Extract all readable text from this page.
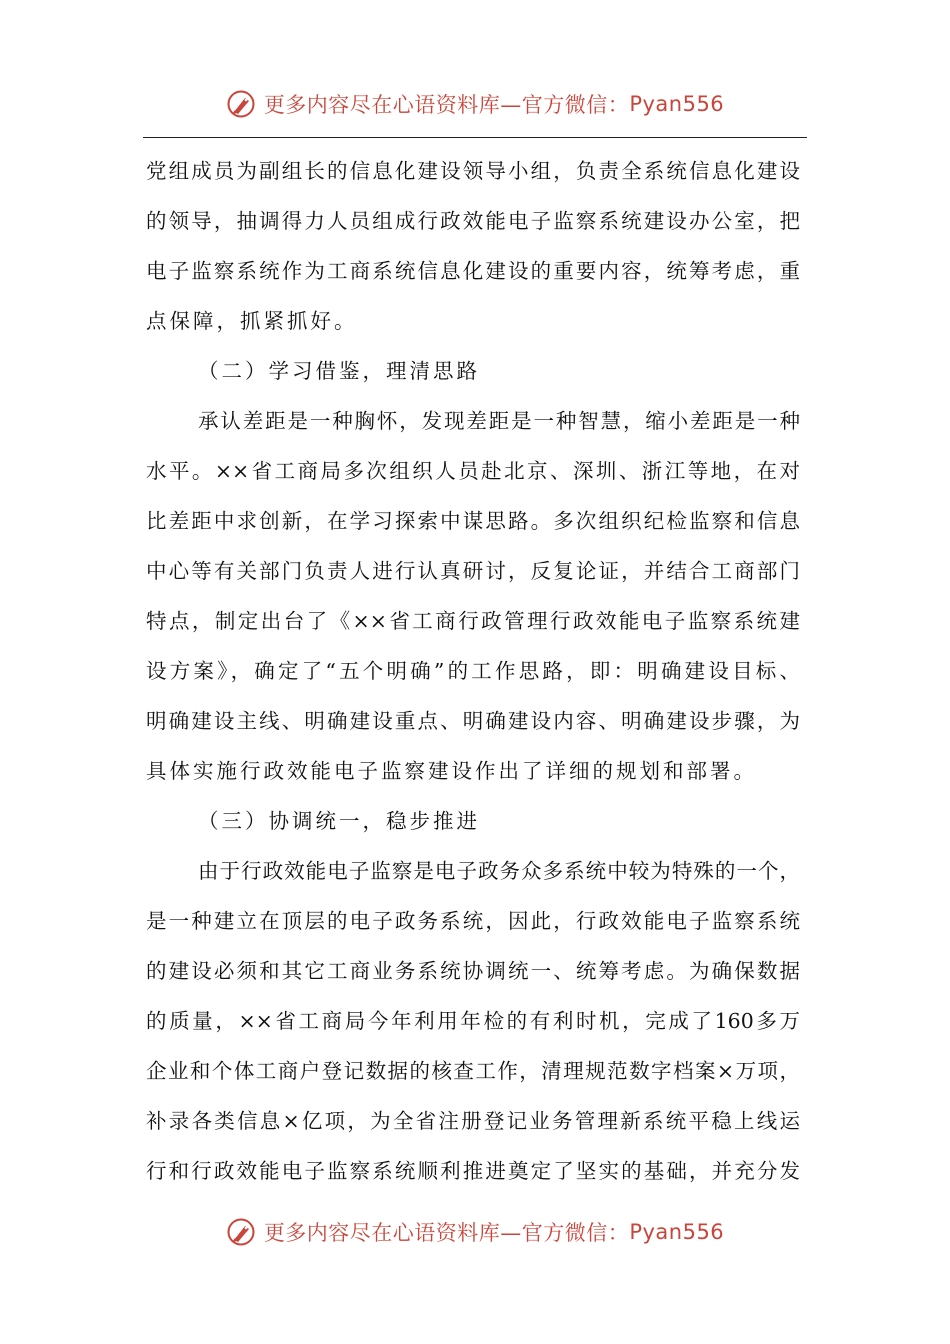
更多内容尽在心语资料库—官方微信： Pyan556
党组成员为副组长的信息化建设领导小组，负责全系统信息化建设
的领导，抽调得力人员组成行政效能电子监察系统建设办公室，把
电子监察系统作为工商系统信息化建设的重要内容，统筹考虑，重
点保障，抓紧抓好。
（二）学习借鉴，理清思路
承认差距是一种胸怀，发现差距是一种智慧，缩小差距是一种
水平。××省工商局多次组织人员赴北京、深圳、浙江等地，在对
比差距中求创新，在学习探索中谋思路。多次组织纪检监察和信息
中心等有关部门负责人进行认真研讨，反复论证，并结合工商部门
特点，制定出台了《××省工商行政管理行政效能电子监察系统建
设方案》，确定了“五个明确”的工作思路，即：明确建设目标、
明确建设主线、明确建设重点、明确建设内容、明确建设步骤，为
具体实施行政效能电子监察建设作出了详细的规划和部署。
（三）协调统一，稳步推进
由于行政效能电子监察是电子政务众多系统中较为特殊的一个，
是一种建立在顶层的电子政务系统，因此，行政效能电子监察系统
的建设必须和其它工商业务系统协调统一、统筹考虑。为确保数据
的质量，××省工商局今年利用年检的有利时机，完成了160多万
企业和个体工商户登记数据的核查工作，清理规范数字档案×万项，
补录各类信息×亿项，为全省注册登记业务管理新系统平稳上线运
行和行政效能电子监察系统顺利推进奠定了坚实的基础，并充分发
更多内容尽在心语资料库—官方微信： Pyan556
